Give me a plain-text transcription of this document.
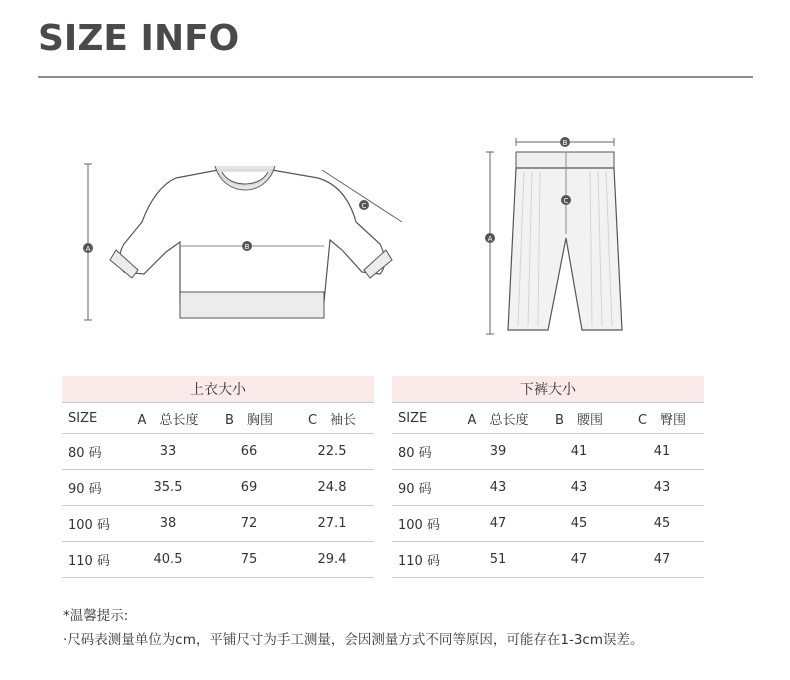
SIZE INFO
A	B
C
B
A
C
上衣大小			
SIZE	A 总长度	B 胸围	C 袖长
80 码	33	66	22.5
90 码	35.5	69	24.8
100 码	38	72	27.1
110 码	40.5	75	29.4
下裤大小			
SIZE	A 总长度	B 腰围	C 臀围
80 码	39	41	41
90 码	43	43	43
100 码	47	45	45
110 码	51	47	47
*温馨提示:
·尺码表测量单位为cm，平铺尺寸为手工测量，会因测量方式不同等原因，可能存在1-3cm误差。
